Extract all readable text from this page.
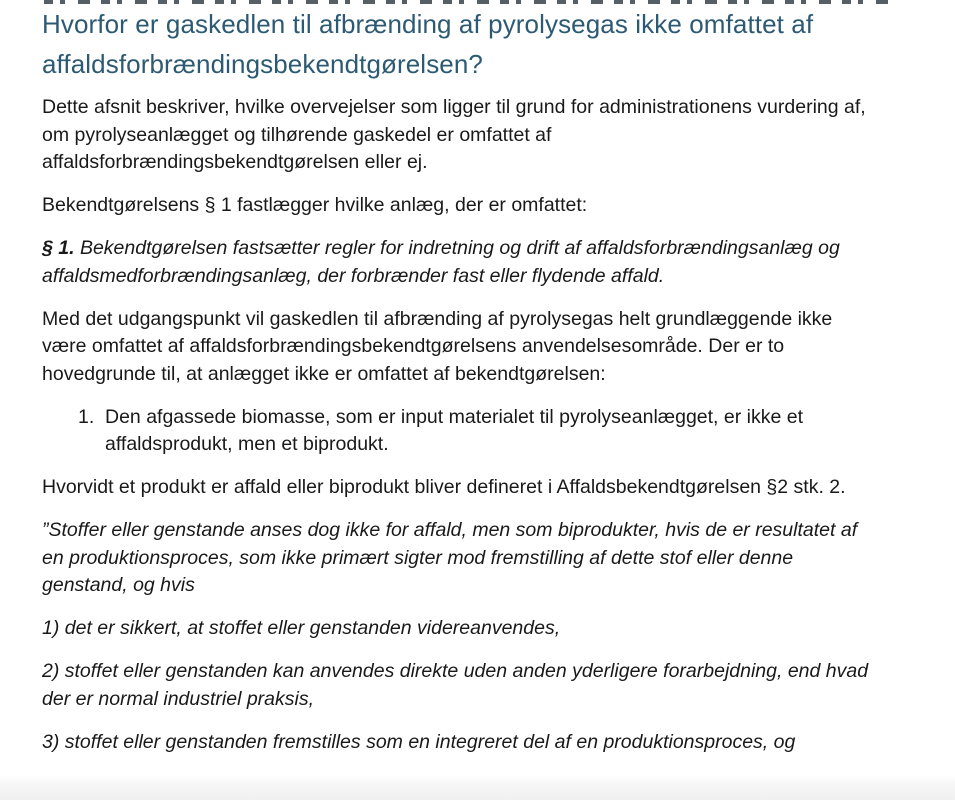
Hvorfor er gaskedlen til afbrænding af pyrolysegas ikke omfattet af affaldsforbrændingsbekendtgørelsen?

Dette afsnit beskriver, hvilke overvejelser som ligger til grund for administrationens vurdering af, om pyrolyseanlægget og tilhørende gaskedel er omfattet af affaldsforbrændingsbekendtgørelsen eller ej.

Bekendtgørelsens § 1 fastlægger hvilke anlæg, der er omfattet:

§ 1. Bekendtgørelsen fastsætter regler for indretning og drift af affaldsforbrændingsanlæg og affaldsmedforbrændingsanlæg, der forbrænder fast eller flydende affald.

Med det udgangspunkt vil gaskedlen til afbrænding af pyrolysegas helt grundlæggende ikke være omfattet af affaldsforbrændingsbekendtgørelsens anvendelsesområde. Der er to hovedgrunde til, at anlægget ikke er omfattet af bekendtgørelsen:

1. Den afgassede biomasse, som er input materialet til pyrolyseanlægget, er ikke et affaldsprodukt, men et biprodukt.

Hvorvidt et produkt er affald eller biprodukt bliver defineret i Affaldsbekendtgørelsen §2 stk. 2.

”Stoffer eller genstande anses dog ikke for affald, men som biprodukter, hvis de er resultatet af en produktionsproces, som ikke primært sigter mod fremstilling af dette stof eller denne genstand, og hvis

1) det er sikkert, at stoffet eller genstanden videreanvendes,

2) stoffet eller genstanden kan anvendes direkte uden anden yderligere forarbejdning, end hvad der er normal industriel praksis,

3) stoffet eller genstanden fremstilles som en integreret del af en produktionsproces, og
